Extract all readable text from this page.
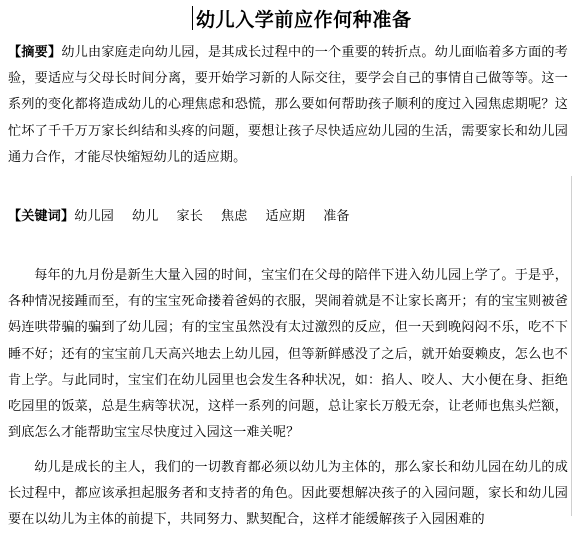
幼儿入学前应作何种准备

【摘要】幼儿由家庭走向幼儿园，是其成长过程中的一个重要的转折点。幼儿面临着多方面的考验，要适应与父母长时间分离，要开始学习新的人际交往，要学会自己的事情自己做等等。这一系列的变化都将造成幼儿的心理焦虑和恐慌，那么要如何帮助孩子顺利的度过入园焦虑期呢？这忙坏了千千万万家长纠结和头疼的问题，要想让孩子尽快适应幼儿园的生活，需要家长和幼儿园通力合作，才能尽快缩短幼儿的适应期。

【关键词】幼儿园 幼儿 家长 焦虑 适应期 准备

每年的九月份是新生大量入园的时间，宝宝们在父母的陪伴下进入幼儿园上学了。于是乎，各种情况接踵而至，有的宝宝死命搂着爸妈的衣服，哭闹着就是不让家长离开；有的宝宝则被爸妈连哄带骗的骗到了幼儿园；有的宝宝虽然没有太过激烈的反应，但一天到晚闷闷不乐，吃不下睡不好；还有的宝宝前几天高兴地去上幼儿园，但等新鲜感没了之后，就开始耍赖皮，怎么也不肯上学。与此同时，宝宝们在幼儿园里也会发生各种状况，如：掐人、咬人、大小便在身、拒绝吃园里的饭菜，总是生病等状况，这样一系列的问题，总让家长万般无奈，让老师也焦头烂额，到底怎么才能帮助宝宝尽快度过入园这一难关呢？

幼儿是成长的主人，我们的一切教育都必须以幼儿为主体的，那么家长和幼儿园在幼儿的成长过程中，都应该承担起服务者和支持者的角色。因此要想解决孩子的入园问题，家长和幼儿园要在以幼儿为主体的前提下，共同努力、默契配合，这样才能缓解孩子入园困难的
